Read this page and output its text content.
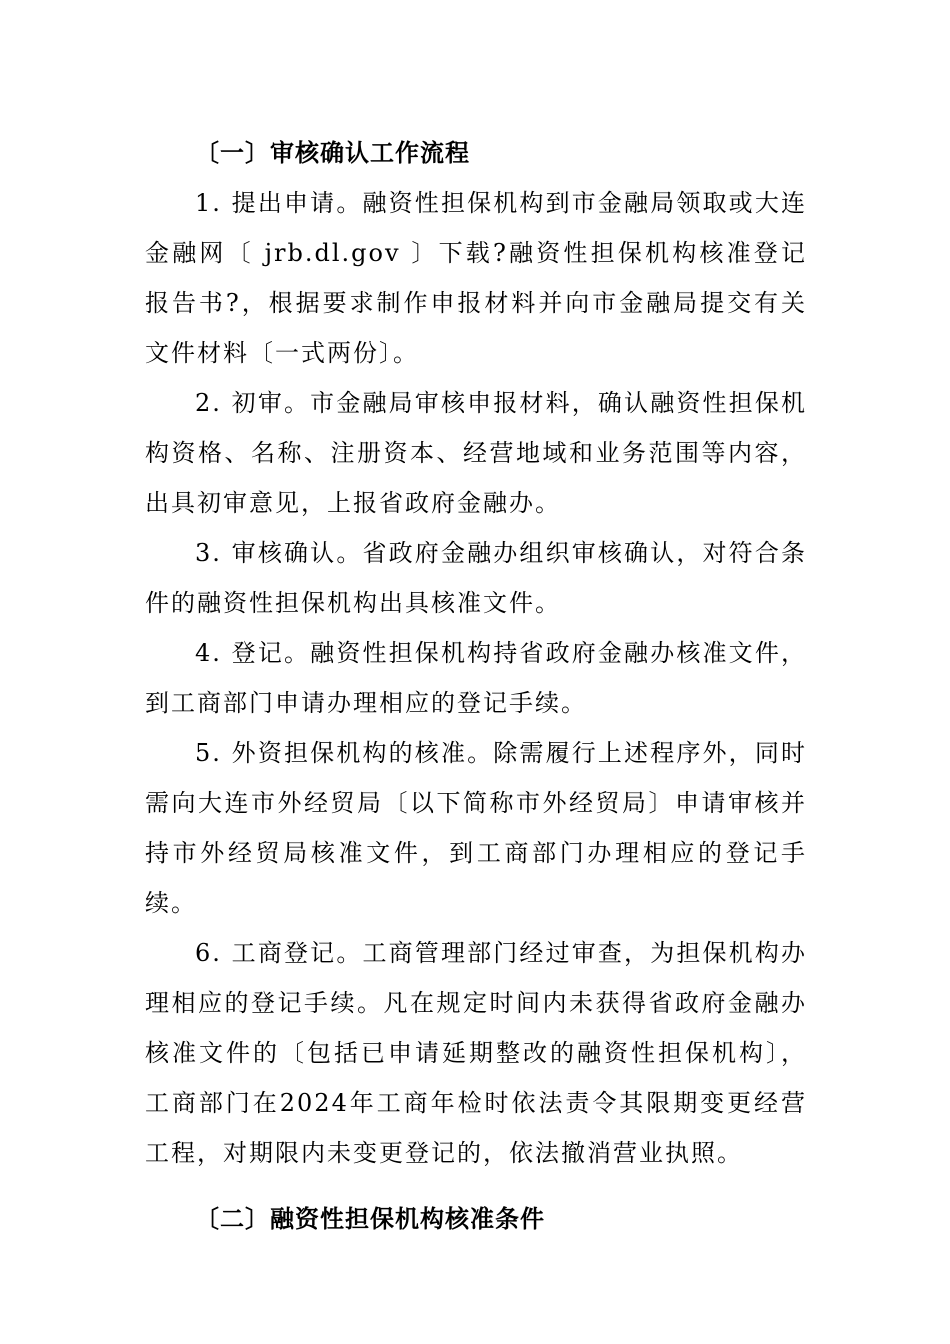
〔一〕审核确认工作流程

1. 提出申请。融资性担保机构到市金融局领取或大连金融网〔 jrb.dl.gov 〕下载?融资性担保机构核准登记报告书?，根据要求制作申报材料并向市金融局提交有关文件材料〔一式两份〕。

2. 初审。市金融局审核申报材料，确认融资性担保机构资格、名称、注册资本、经营地域和业务范围等内容，出具初审意见，上报省政府金融办。

3. 审核确认。省政府金融办组织审核确认，对符合条件的融资性担保机构出具核准文件。

4. 登记。融资性担保机构持省政府金融办核准文件，到工商部门申请办理相应的登记手续。

5. 外资担保机构的核准。除需履行上述程序外，同时需向大连市外经贸局〔以下简称市外经贸局〕申请审核并持市外经贸局核准文件，到工商部门办理相应的登记手续。

6. 工商登记。工商管理部门经过审查，为担保机构办理相应的登记手续。凡在规定时间内未获得省政府金融办核准文件的〔包括已申请延期整改的融资性担保机构〕，工商部门在2024年工商年检时依法责令其限期变更经营工程，对期限内未变更登记的，依法撤消营业执照。

〔二〕融资性担保机构核准条件
